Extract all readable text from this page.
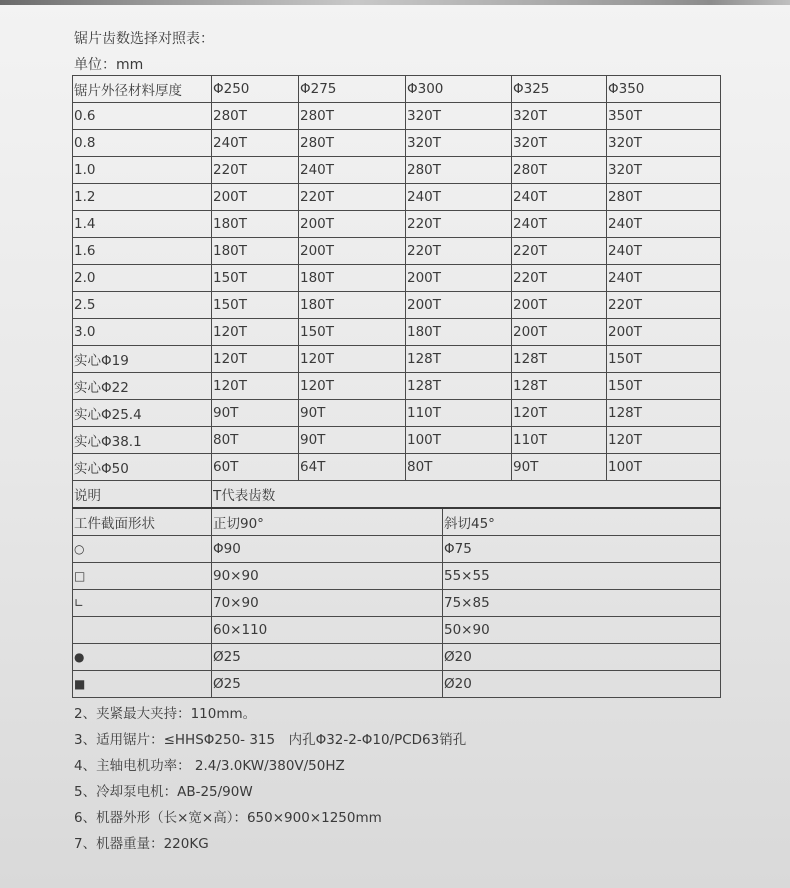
锯片齿数选择对照表：
单位：mm
锯片外径材料厚度	Φ250	Φ275	Φ300	Φ325	Φ350
0.6	280T	280T	320T	320T	350T
0.8	240T	280T	320T	320T	320T
1.0	220T	240T	280T	280T	320T
1.2	200T	220T	240T	240T	280T
1.4	180T	200T	220T	240T	240T
1.6	180T	200T	220T	220T	240T
2.0	150T	180T	200T	220T	240T
2.5	150T	180T	200T	200T	220T
3.0	120T	150T	180T	200T	200T
实心Φ19	120T	120T	128T	128T	150T
实心Φ22	120T	120T	128T	128T	150T
实心Φ25.4	90T	90T	110T	120T	128T
实心Φ38.1	80T	90T	100T	110T	120T
实心Φ50	60T	64T	80T	90T	100T
说明	T代表齿数				
工件截面形状	正切90°	斜切45°
○	Φ90	Φ75
□	90×90	55×55
∟	70×90	75×85
	60×110	50×90
●	Ø25	Ø20
■	Ø25	Ø20
2、夹紧最大夹持：110mm。
3、适用锯片：≤HHSΦ250- 315　内孔Φ32-2-Φ10/PCD63销孔
4、主轴电机功率： 2.4/3.0KW/380V/50HZ
5、冷却泵电机：AB-25/90W
6、机器外形（长×宽×高）：650×900×1250mm
7、机器重量：220KG
